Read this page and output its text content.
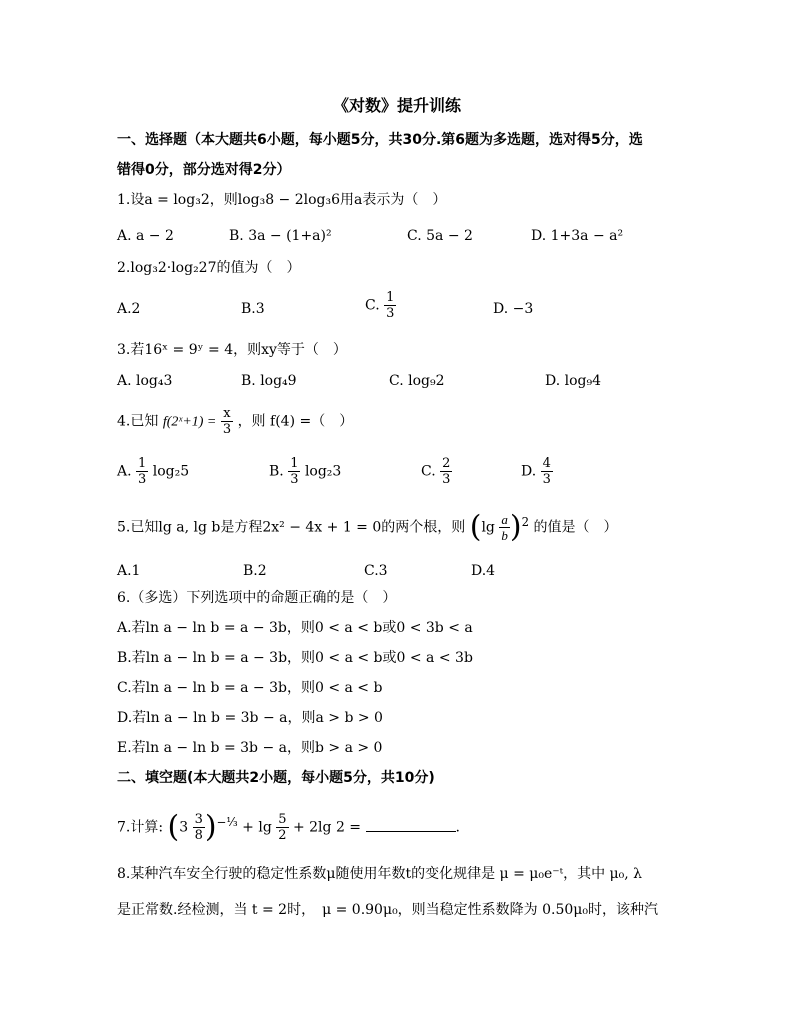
《对数》提升训练
一、选择题（本大题共6小题，每小题5分，共30分.第6题为多选题，选对得5分，选
错得0分，部分选对得2分）
1.设a = log₃2，则log₃8 − 2log₃6用a表示为（　）
A. a − 2	B. 3a − (1+a)²	C. 5a − 2	D. 1+3a − a²
2.log₃2·log₂27的值为（　）
A.2	B.3	C. $\frac{1}{3}$	D. −3
3.若16ˣ = 9ʸ = 4，则xy等于（　）
A. log₄3	B. log₄9	C. log₉2	D. log₉4
4.已知 f(2ˣ+1) = $\frac{x}{3}$ ，则 f(4) =（　）
A. $\frac{1}{3} \log_25$	B. $\frac{1}{3} \log_23$	C. $\frac{2}{3}$	D. $\frac{4}{3}$
5.已知lg a, lg b是方程2x² − 4x + 1 = 0的两个根，则 $(\lg \frac{a}{b} )^2$ 的值是（　）
A.1	B.2	C.3	D.4
6.（多选）下列选项中的命题正确的是（　）
A.若ln a − ln b = a − 3b，则0 < a < b或0 < 3b < a
B.若ln a − ln b = a − 3b，则0 < a < b或0 < a < 3b
C.若ln a − ln b = a − 3b，则0 < a < b
D.若ln a − ln b = 3b − a，则a > b > 0
E.若ln a − ln b = 3b − a，则b > a > 0
二、填空题(本大题共2小题，每小题5分，共10分)
7.计算: $(3 \frac{3}{8} )^{-\frac{1}{3}} + \lg \frac{5}{2} + 2\lg$ 2 =	.
8.某种汽车安全行驶的稳定性系数μ随使用年数t的变化规律是 μ = μ₀e⁻ᵗ，其中 μ₀, λ
是正常数.经检测，当 t = 2时，　μ = 0.90μ₀，则当稳定性系数降为 0.50μ₀时，该种汽
